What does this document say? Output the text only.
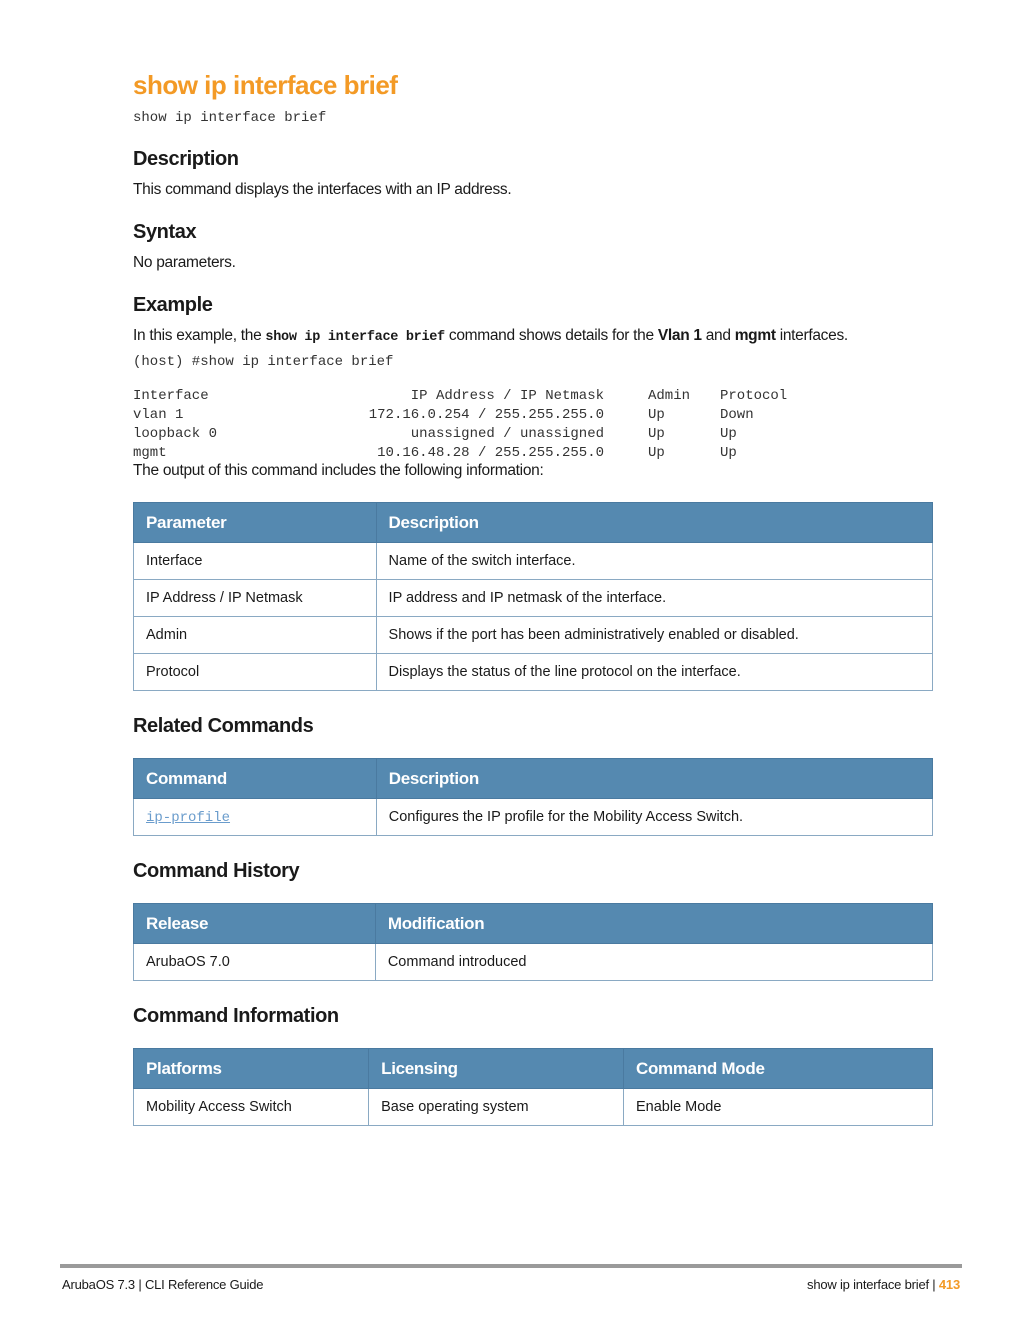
show ip interface brief
show ip interface brief
Description

This command displays the interfaces with an IP address.

Syntax

No parameters.

Example

In this example, the show ip interface brief command shows details for the Vlan 1 and mgmt interfaces.

(host) #show ip interface brief
Interface	IP Address / IP Netmask	Admin	Protocol
vlan 1	172.16.0.254 / 255.255.255.0	Up	Down
loopback 0	unassigned / unassigned	Up	Up
mgmt	10.16.48.28 / 255.255.255.0	Up	Up

The output of this command includes the following information:

Parameter	Description
Interface	Name of the switch interface.
IP Address / IP Netmask	IP address and IP netmask of the interface.
Admin	Shows if the port has been administratively enabled or disabled.
Protocol	Displays the status of the line protocol on the interface.
Related Commands
Command	Description
ip-profile	Configures the IP profile for the Mobility Access Switch.
Command History
Release	Modification
ArubaOS 7.0	Command introduced
Command Information
Platforms	Licensing	Command Mode
Mobility Access Switch	Base operating system	Enable Mode
ArubaOS 7.3 | CLI Reference Guide	show ip interface brief | 413
